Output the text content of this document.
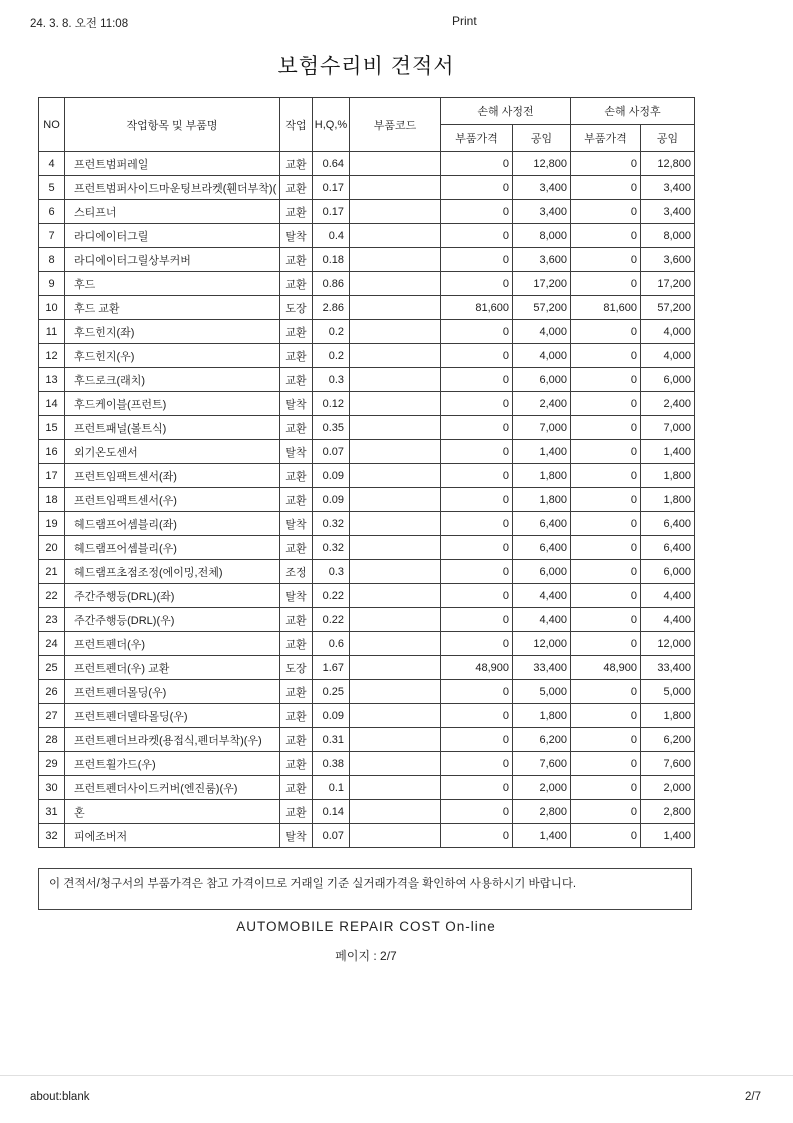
24. 3. 8. 오전 11:08	Print
보험수리비 견적서
NO	작업항목 및 부품명	작업	H,Q,%	부품코드	손해 사정전		손해 사정후	
					부품가격	공임	부품가격	공임
4	프런트범퍼레일	교환	0.64		0	12,800	0	12,800
5	프런트범퍼사이드마운팅브라켓(휀더부착)(	교환	0.17		0	3,400	0	3,400
6	스티프너	교환	0.17		0	3,400	0	3,400
7	라디에이터그릴	탈착	0.4		0	8,000	0	8,000
8	라디에이터그릴상부커버	교환	0.18		0	3,600	0	3,600
9	후드	교환	0.86		0	17,200	0	17,200
10	후드 교환	도장	2.86		81,600	57,200	81,600	57,200
11	후드힌지(좌)	교환	0.2		0	4,000	0	4,000
12	후드힌지(우)	교환	0.2		0	4,000	0	4,000
13	후드로크(래치)	교환	0.3		0	6,000	0	6,000
14	후드케이블(프런트)	탈착	0.12		0	2,400	0	2,400
15	프런트패널(볼트식)	교환	0.35		0	7,000	0	7,000
16	외기온도센서	탈착	0.07		0	1,400	0	1,400
17	프런트임팩트센서(좌)	교환	0.09		0	1,800	0	1,800
18	프런트임팩트센서(우)	교환	0.09		0	1,800	0	1,800
19	헤드램프어셈블리(좌)	탈착	0.32		0	6,400	0	6,400
20	헤드램프어셈블리(우)	교환	0.32		0	6,400	0	6,400
21	헤드램프초점조정(에이밍,전체)	조정	0.3		0	6,000	0	6,000
22	주간주행등(DRL)(좌)	탈착	0.22		0	4,400	0	4,400
23	주간주행등(DRL)(우)	교환	0.22		0	4,400	0	4,400
24	프런트펜더(우)	교환	0.6		0	12,000	0	12,000
25	프런트펜더(우) 교환	도장	1.67		48,900	33,400	48,900	33,400
26	프런트펜더몰딩(우)	교환	0.25		0	5,000	0	5,000
27	프런트펜더델타몰딩(우)	교환	0.09		0	1,800	0	1,800
28	프런트펜더브라켓(용접식,펜더부착)(우)	교환	0.31		0	6,200	0	6,200
29	프런트휠가드(우)	교환	0.38		0	7,600	0	7,600
30	프런트펜더사이드커버(엔진룸)(우)	교환	0.1		0	2,000	0	2,000
31	혼	교환	0.14		0	2,800	0	2,800
32	피에조버저	탈착	0.07		0	1,400	0	1,400
이 견적서/청구서의 부품가격은 참고 가격이므로 거래일 기준 실거래가격을 확인하여 사용하시기 바랍니다.
AUTOMOBILE REPAIR COST On-line
페이지 : 2/7
about:blank	2/7
